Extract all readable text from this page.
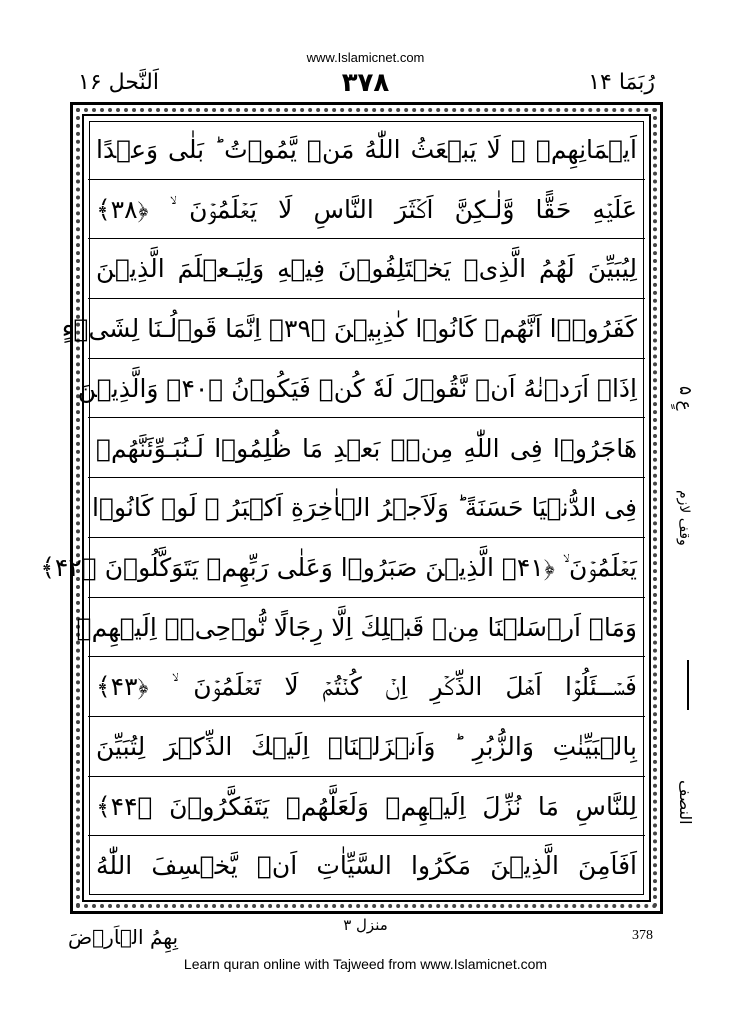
www.Islamicnet.com
رُبَمَا ۱۴
۳۷۸
اَلنَّحل ۱۶
اَيۡمَانِهِمۡ ۙ لَا يَبۡعَثُ اللّٰهُ مَنۡ يَّمُوۡتُ ؕ بَلٰى وَعۡدًا
عَلَيۡهِ حَقًّا وَّلٰـكِنَّ اَكۡثَرَ النَّاسِ لَا يَعۡلَمُوۡنَ ۙ‏ ﴿۳۸﴾
لِيُبَيِّنَ لَهُمُ الَّذِىۡ يَخۡتَلِفُوۡنَ فِيۡهِ وَلِيَـعۡلَمَ الَّذِيۡنَ
كَفَرُوۡۤا اَنَّهُمۡ كَانُوۡا كٰذِبِيۡنَ ﴿۳۹﴾ اِنَّمَا قَوۡلُـنَا لِشَىۡءٍ
اِذَاۤ اَرَدۡنٰهُ اَنۡ نَّقُوۡلَ لَهٗ كُنۡ فَيَكُوۡنُ ﴿۴۰﴾ وَالَّذِيۡنَ
هَاجَرُوۡا فِى اللّٰهِ مِنۡۢ بَعۡدِ مَا ظُلِمُوۡا لَـنُبَـوِّئَنَّهُمۡ
فِى الدُّنۡيَا حَسَنَةً ؕ وَلَاَجۡرُ الۡاٰخِرَةِ اَكۡبَرُ ۘ لَوۡ كَانُوۡا
يَعۡلَمُوۡنَ ۙ ﴿۴۱﴾ الَّذِيۡنَ صَبَرُوۡا وَعَلٰى رَبِّهِمۡ يَتَوَكَّلُوۡنَ ﴿۴۲﴾
وَمَاۤ اَرۡسَلۡنَا مِنۡ قَبۡلِكَ اِلَّا رِجَالًا نُّوۡحِىۡۤ اِلَيۡهِمۡ
فَسۡــئَلُوۡۤا اَهۡلَ الذِّكۡرِ اِنۡ كُنۡتُمۡ لَا تَعۡلَمُوۡنَ ۙ‏ ﴿۴۳﴾
بِالۡبَيِّنٰتِ وَالزُّبُرِ ؕ وَاَنۡزَلۡنَاۤ اِلَيۡكَ الذِّكۡرَ لِتُبَيِّنَ
لِلنَّاسِ مَا نُزِّلَ اِلَيۡهِمۡ وَلَعَلَّهُمۡ يَتَفَكَّرُوۡنَ ﴿۴۴﴾
اَفَاَمِنَ الَّذِيۡنَ مَكَرُوا السَّيِّاٰتِ اَنۡ يَّخۡسِفَ اللّٰهُ
عٍ ۵
وقف لازم
النصف
بِهِمُ الۡاَرۡضَ	منزل ۳
378
Learn quran online with Tajweed from www.Islamicnet.com
